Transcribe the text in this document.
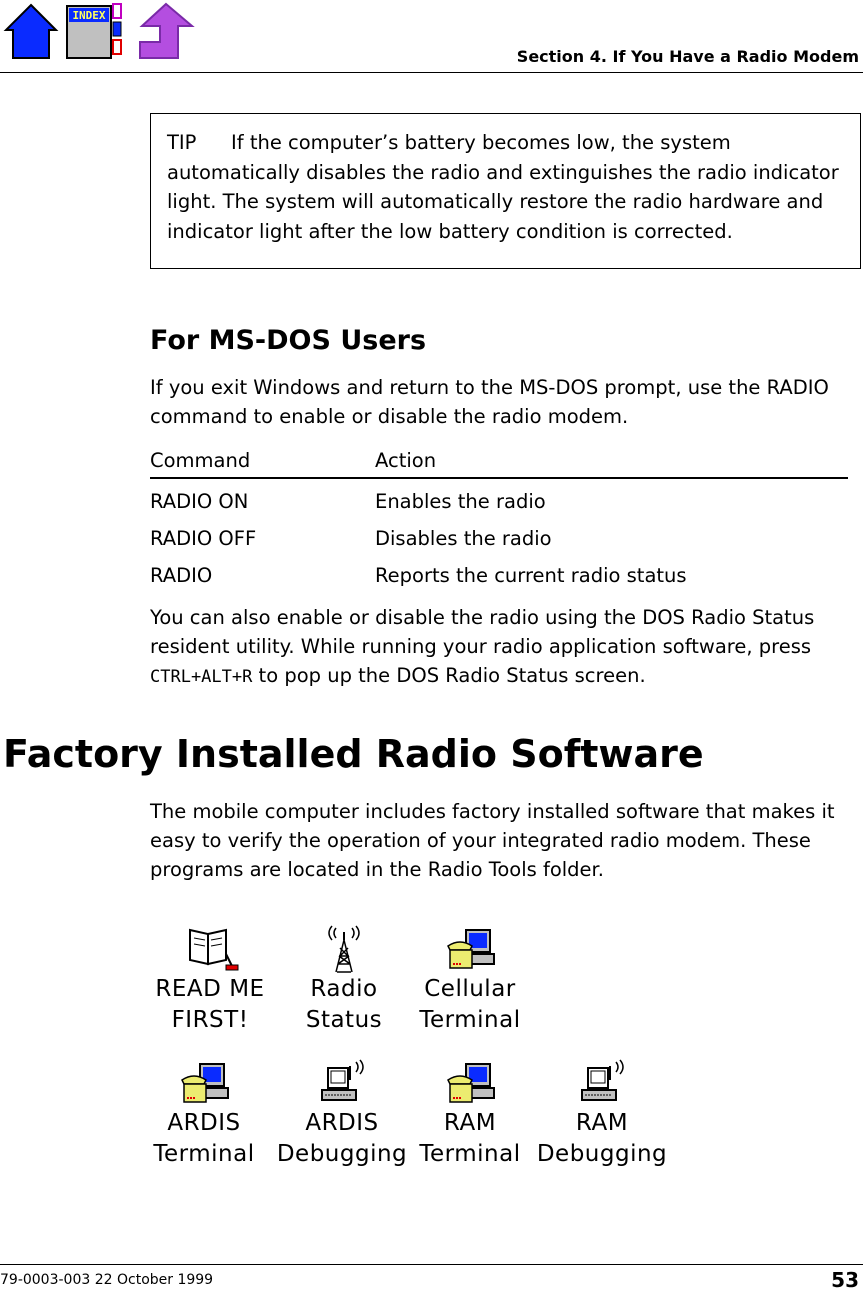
INDEX
Section 4. If You Have a Radio Modem
TIP If the computer’s battery becomes low, the system automatically disables the radio and extinguishes the radio indicator light. The system will automatically restore the radio hardware and indicator light after the low battery condition is corrected.
For MS-DOS Users
If you exit Windows and return to the MS-DOS prompt, use the RADIO command to enable or disable the radio modem.
Command	Action
RADIO ON	Enables the radio
RADIO OFF	Disables the radio
RADIO	Reports the current radio status
You can also enable or disable the radio using the DOS Radio Status resident utility. While running your radio application software, press CTRL+ALT+R to pop up the DOS Radio Status screen.
Factory Installed Radio Software
The mobile computer includes factory installed software that makes it easy to verify the operation of your integrated radio modem. These programs are located in the Radio Tools folder.
READ ME
FIRST!
Radio
Status
Cellular
Terminal
ARDIS
Terminal
ARDIS
Debugging
RAM
Terminal
RAM
Debugging
79-0003-003 22 October 1999	53
